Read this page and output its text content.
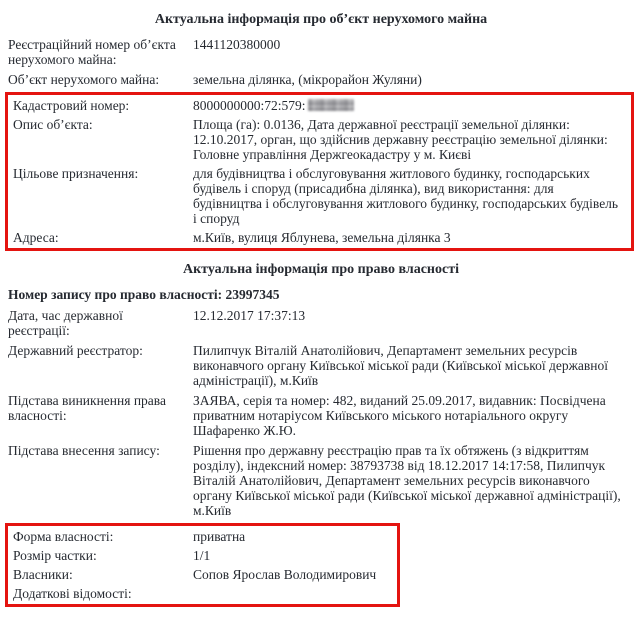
Актуальна інформація про об’єкт нерухомого майна
Реєстраційний номер об’єкта нерухомого майна:
1441120380000
Об’єкт нерухомого майна:	земельна ділянка, (мікрорайон Жуляни)
Кадастровий номер:	8000000000:72:579:
Опис об’єкта:	Площа (га): 0.0136, Дата державної реєстрації земельної ділянки: 12.10.2017, орган, що здійснив державну реєстрацію земельної ділянки: Головне управління Держгеокадастру у м. Києві
Цільове призначення:	для будівництва і обслуговування житлового будинку, господарських будівель і споруд (присадибна ділянка), вид використання: для будівництва і обслуговування житлового будинку, господарських будівель і споруд
Адреса:	м.Київ, вулиця Яблунева, земельна ділянка 3
Актуальна інформація про право власності
Номер запису про право власності: 23997345
Дата, час державної реєстрації:
12.12.2017 17:37:13
Державний реєстратор:	Пилипчук Віталій Анатолійович, Департамент земельних ресурсів виконавчого органу Київської міської ради (Київської міської державної адміністрації), м.Київ
Підстава виникнення права власності:
ЗАЯВА, серія та номер: 482, виданий 25.09.2017, видавник: Посвідчена приватним нотаріусом Київського міського нотаріального округу Шафаренко Ж.Ю.
Підстава внесення запису:	Рішення про державну реєстрацію прав та їх обтяжень (з відкриттям розділу), індексний номер: 38793738 від 18.12.2017 14:17:58, Пилипчук Віталій Анатолійович, Департамент земельних ресурсів виконавчого органу Київської міської ради (Київської міської державної адміністрації), м.Київ
Форма власності:	приватна
Розмір частки:	1/1
Власники:	Сопов Ярослав Володимирович
Додаткові відомості:
